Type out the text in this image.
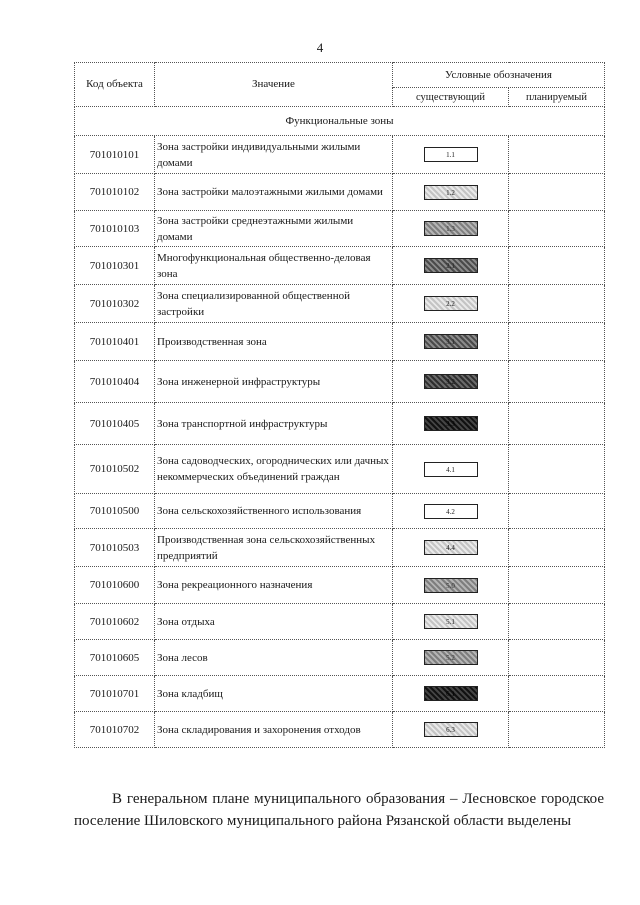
4
Код объекта	Значение	Условные обозначения	
		существующий	планируемый
Функциональные зоны			
701010101	Зона застройки индивидуальными жилыми домами	1.1	
701010102	Зона застройки малоэтажными жилыми домами	1.2	
701010103	Зона застройки среднеэтажными жилыми домами	1.3	
701010301	Многофункциональная общественно-деловая зона	2.1	
701010302	Зона специализированной общественной застройки	2.2	
701010401	Производственная зона	3.1	
701010404	Зона инженерной инфраструктуры	3.2	
701010405	Зона транспортной инфраструктуры	3.3	
701010502	Зона садоводческих, огороднических или дачных некоммерческих объединений граждан	4.1	
701010500	Зона сельскохозяйственного использования	4.2	
701010503	Производственная зона сельскохозяйственных предприятий	4.4	
701010600	Зона рекреационного назначения	5.0	
701010602	Зона отдыха	5.1	
701010605	Зона лесов	5.2	
701010701	Зона кладбищ	6.1	
701010702	Зона складирования и захоронения отходов	6.3	
В генеральном плане муниципального образования – Лесновское городское поселение Шиловского муниципального района Рязанской области выделены
